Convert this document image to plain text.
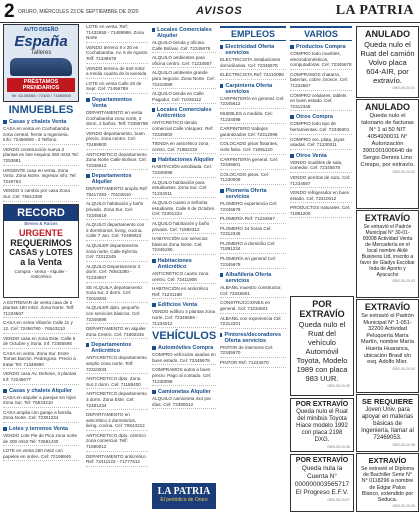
2 ORURO, MIÉRCOLES 23 DE SEPTIEMBRE DE 2020	AVISOS	LA PATRIA
AUTO DISEÑO
España
Talleres
PRÉSTAMOS PRENDARIOS
Tel: 52-55550 / 72483 / 71850500
INMUEBLES
Casas y chalets Venta
CASA en venta en Cochabamba zona central, frente a Ingenieria. Info: 72456889 - 2 Telfono.
VENDO construcción nueva 3 plantas en lote esquina 360 mts2 Tel: 7253681
URGENTE casa en venta. Zona Vinto. Zona Norte. Ingresar info: Tel: 7249763
VENDO o cambio por casa Zona Sur. Cel: 76512390
RECORD
Bienes & Raíces
URGENTE
REQUERIMOS
CASAS y LOTES
a la Venta
Compra - Venta - Alquiler - Anticrético
A ESTRENAR de venta casa de 2 plantas 180 mts2. Zona Norte. Telf: 71234567
CASA en venta Villazón Calle 11 y 12. Cel: 72456780 - 76543210
VENDO casa en zona Este. Calle 6 de Octubre y Soria. Inf: 72485566
CASA en venta. Zona Sur. Entre Tomas Barrón. Pedregoso. Precio a tratar Tel: 71348890
VENDO casa Av. Dehene, 3 plantas. Inf: 72245677
Casas y chalets Alquiler
CASA en alquiler a parejas sin hijos Zona Sur. Tel: 76543210
CASA amplia con garaje a familia. Zona Norte. Cel: 72301234
Lotes y terrenos Venta
VENDO Lote Pie de Pica zona norte de 300 mts2 Tel: 72581430
LOTE en venta 250 mts2 con papeles en orden. Cel: 72198846
LOTE en venta. Ref: 71432655 - 71489966. Zona Norte
VENDO terreno 8 x 20 en Cochabamba. Av. 6 de Agosto Telf: 71346678
VENDO terreno de 540 mts2 a media cuadra de la avenida
LOTE en venta Calle 26 de Sept. Cel: 71456789
Departamentos Venta
DEPARTAMENTO en venta Cochabamba zona norte, 2 dorm, 2 baños, Telf: 73456789
VENDO departamento, buen precio, zona centro. Cel: 72489900
ANTICRETICO departamento Zona Norte Calle Bolívar. Cel: 72346612
Departamentos Alquiler
DEPARTAMENTO amplio Ref: 78417283 - 70102810
ALQUILO habitación y baño privado. Zona Sur. Cel: 72345619
ALQUILO departamento con 2 dormitorios, living, cocina. Calle 7 Jun. Cel: 72489023
ALQUILER departamento zona norte, Calle Ejército. Cel: 72312345
ALQUILO Departamento 3 dorm. Cel: 76543280 - 71234567
SE ALQUILA departamento zona sur, 2 dorm. Cel: 72019283
ALQUILER dpto. pequeño con servicios básicos. Cel: 72346598
DEPARTAMENTO en alquiler Zona Centro. Cel: 71892345
Departamentos Anticrético
ANTICRETICO departamento amplio zona norte. Telf: 72310033
ANTICRETICO dpto. Zona Sur 2 dorm. Cel: 71188400
ANTICRETICO departamento 3 dorm. Zona Este. Cel: 72481234
DEPARTAMENTO en anticrético 2 dormitorios, living, cocina. Cel: 76543212
ANTICRETICO dpto. céntrico zona comercial. Telf: 71890012
DEPARTAMENTO anticrético Ref: 72411123 - 71777612
Locales Comerciales Alquiler
ALQUILO tienda y oficina. Calle Bolívar. Cel: 72345678
ALQUILO ambientes para oficina centro. Cel: 71234567
ALQUILO ambiente grande para negocio. Zona Norte. Cel: 72410088
ALQUILO tienda en Calle Pagador. Cel: 71045112
Locales Comerciales Anticrético
ANTICRETICO tienda comercial Calle Vásquez. Ref: 72345600
TIENDA en anticrético zona centro. Cel: 71982233
Habitaciones Alquiler
HABITACIÓN amoblada. Cel: 72345098
ALQUILO habitación para estudiantes. Zona Sur. Cel: 71234011
ALQUILO cuarto a señorita estudiante. Calle 6 de Octubre. Cel: 72301234
ALQUILO habitación y baño privado. Cel: 71892312
HABITACIÓN con servicios básicos Zona Norte. Cel: 72345190
Habitaciones Anticrético
ANTICRETICO cuarto zona centro. Cel: 72411908
HABITACIÓN en anticrético Ref: 71231198
Edificios Venta
VENDO edificio 4 plantas zona norte. Cel: 72345666 - 71234012
VEHÍCULOS
Automóviles Compra
COMPRO vehículos usados en buen estado. Cel: 72345678
COMPRAMOS autos a buen precio. Pago al contado. Cel: 71230098
Camionetas Alquiler
ALQUILO camioneta 4x4 por días. Cel: 72390012
LA PATRIA
El periódico de Oruro
EMPLEOS
Electricidad Oferta servicios
ELECTRICISTA instalaciones domiciliarias. Cel: 72345678
ELECTRICISTA Ref: 72410098
Carpintería Oferta servicios
CARPINTERÍA en general. Cel: 72345612
MUEBLES a medida. Cel: 71234098
CARPINTERO trabajos garantizados Cel: 72312098
COLOCADO pisos flotantes, cielo falso. Cel: 71891120
CARPINTERÍA general. Cel: 72345601
COLOCADO pisos. Cel: 71230009
Plomería Oferta servicios
PLOMERO experiencia Cel: 72345678
PLOMERÍA Ref: 71234567
PLOMERO 24 horas Cel: 72312345
PLOMERO a domicilio Cel: 71891234
PLOMERÍA en general Cel: 72345678
Albañilería Oferta servicios
ALBAÑIL maestro constructor. Cel: 72345601
CONSTRUCCIONES en general. Cel: 71234501
ALBAÑIL con experiencia Cel: 72312201
Pintores/decoradores Oferta servicios
PINTOR de interiores Cel: 72345670
PINTOR Ref: 71234570
VARIOS
Productos Compra
COMPRO todo muebles, electrodomésticos, computadoras. Cel: 72345678
COMPRAMOS chatarra, baterías, cobre, bronce. Cel: 71234567
COMPRO celulares, tablets en buen estado. Cel: 72312345
Otros Compra
COMPRO todo tipo de herramientas. Cel: 72345601
COMPRO oro, plata, joyas usadas. Cel: 71230011
Otros Venta
VENDO muebles de sala, comedor. Cel: 72345678
VENDO perritos de raza. Cel: 71234567
VENDO refrigerador en buen estado. Cel: 72310012
PRODUCTOS naturales. Cel: 71891200
POR EXTRAVÍO
Queda nulo el Ruat del vehículo Automóvil Toyota, Modelo 1989 con placa 983 UUR.
OBS-00-20-05
POR EXTRAVÍO
Queda nulo el Ruat del minibús Toyota Hiace modelo 1992 con placa 2198 DXG.
OBS-00-20-06
POR EXTRAVÍO
Queda nula la Cuenta N° 000000003565717 El Progreso E.F.V.
OBS-00-20-07
ANULADO
Queda nulo el Ruat del camión Volvo placa 604-AIR, por extravío.
OBS-00-20-01
ANULADO
Queda nulo el talonario de facturas N° 1 al 50 NIT 4054930011 N° Autorización 3901001006640 de Sergio Dennis Lino Crespo, por extravío.
OBS-00-20-02
EXTRAVÍO
Se extravió el Padrón Municipal N° 30-01-00008 Actividad Venta de Mercadería en el local nombre Akilé Business Ltd, inscrito a favor de Gladys Escobar Inda de Aporto y Ayacucho
OBS-00-20-03
EXTRAVÍO
Se extravió el Padrón Municipal N° 1-051-32200 Actividad Peluquería María Martín, nombre María Huerta Huaranca, ubicación Brasil s/n esq. Adolfo Mier.
OBS-00-20-04
SE REQUIERE
Joven Univ. para apoyar en materias básicas de Ingeniería, llamar al 72469053.
OBS-00-20-08
EXTRAVÍO
Se extravió el Diploma de Bachiller Serie N° N° 0118296 a nombre de Edgar Palos Blanco, extendido por Seduca.
OBS-00-20-09
